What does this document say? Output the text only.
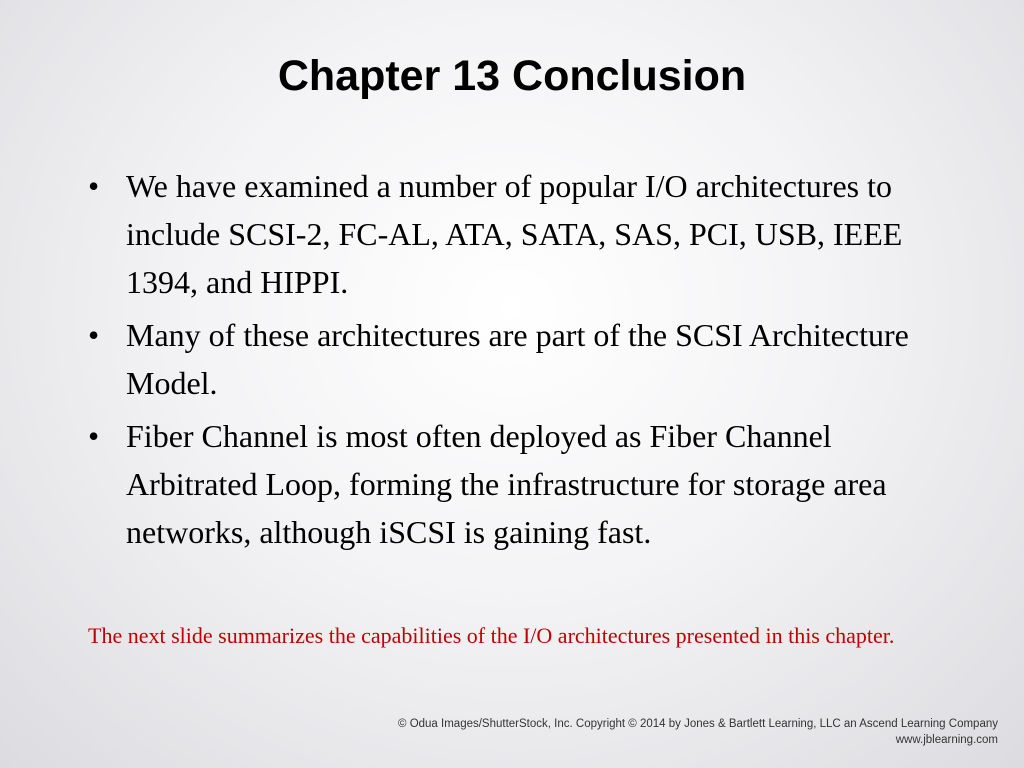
Chapter 13 Conclusion
• We have examined a number of popular I/O architectures to include SCSI-2, FC-AL, ATA, SATA, SAS, PCI, USB, IEEE 1394, and HIPPI.
• Many of these architectures are part of the SCSI Architecture Model.
• Fiber Channel is most often deployed as Fiber Channel Arbitrated Loop, forming the infrastructure for storage area networks, although iSCSI is gaining fast.
The next slide summarizes the capabilities of the I/O architectures presented in this chapter.
© Odua Images/ShutterStock, Inc. Copyright © 2014 by Jones & Bartlett Learning, LLC an Ascend Learning Company
www.jblearning.com
